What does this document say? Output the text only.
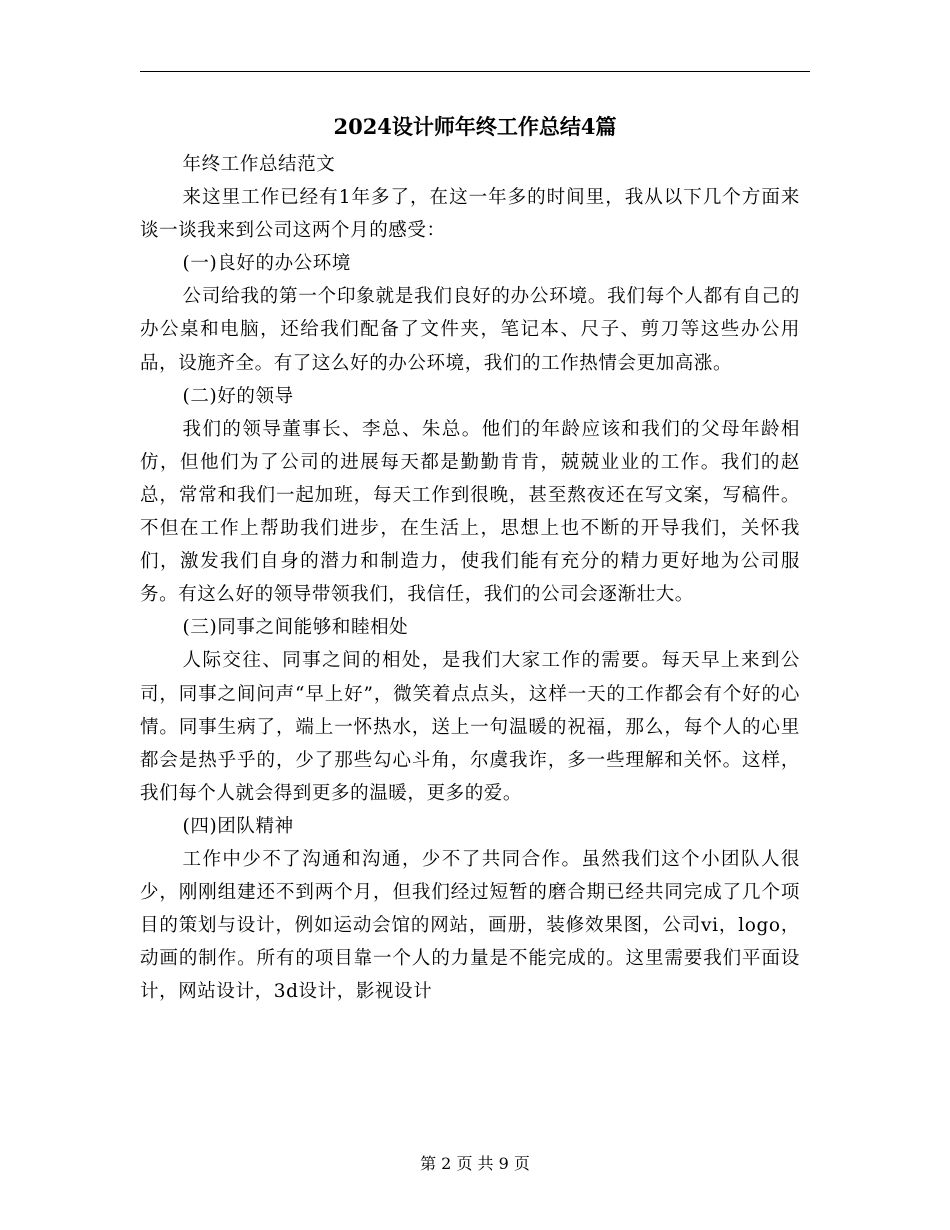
2024设计师年终工作总结4篇

年终工作总结范文

来这里工作已经有1年多了，在这一年多的时间里，我从以下几个方面来谈一谈我来到公司这两个月的感受：

(一)良好的办公环境

公司给我的第一个印象就是我们良好的办公环境。我们每个人都有自己的办公桌和电脑，还给我们配备了文件夹，笔记本、尺子、剪刀等这些办公用品，设施齐全。有了这么好的办公环境，我们的工作热情会更加高涨。

(二)好的领导

我们的领导董事长、李总、朱总。他们的年龄应该和我们的父母年龄相仿，但他们为了公司的进展每天都是勤勤肯肯，兢兢业业的工作。我们的赵总，常常和我们一起加班，每天工作到很晚，甚至熬夜还在写文案，写稿件。不但在工作上帮助我们进步，在生活上，思想上也不断的开导我们，关怀我们，激发我们自身的潜力和制造力，使我们能有充分的精力更好地为公司服务。有这么好的领导带领我们，我信任，我们的公司会逐渐壮大。

(三)同事之间能够和睦相处

人际交往、同事之间的相处，是我们大家工作的需要。每天早上来到公司，同事之间问声“早上好”，微笑着点点头，这样一天的工作都会有个好的心情。同事生病了，端上一怀热水，送上一句温暖的祝福，那么，每个人的心里都会是热乎乎的，少了那些勾心斗角，尔虞我诈，多一些理解和关怀。这样，我们每个人就会得到更多的温暖，更多的爱。

(四)团队精神

工作中少不了沟通和沟通，少不了共同合作。虽然我们这个小团队人很少，刚刚组建还不到两个月，但我们经过短暂的磨合期已经共同完成了几个项目的策划与设计，例如运动会馆的网站，画册，装修效果图，公司vi，logo，动画的制作。所有的项目靠一个人的力量是不能完成的。这里需要我们平面设计，网站设计，3d设计，影视设计

第 2 页 共 9 页
